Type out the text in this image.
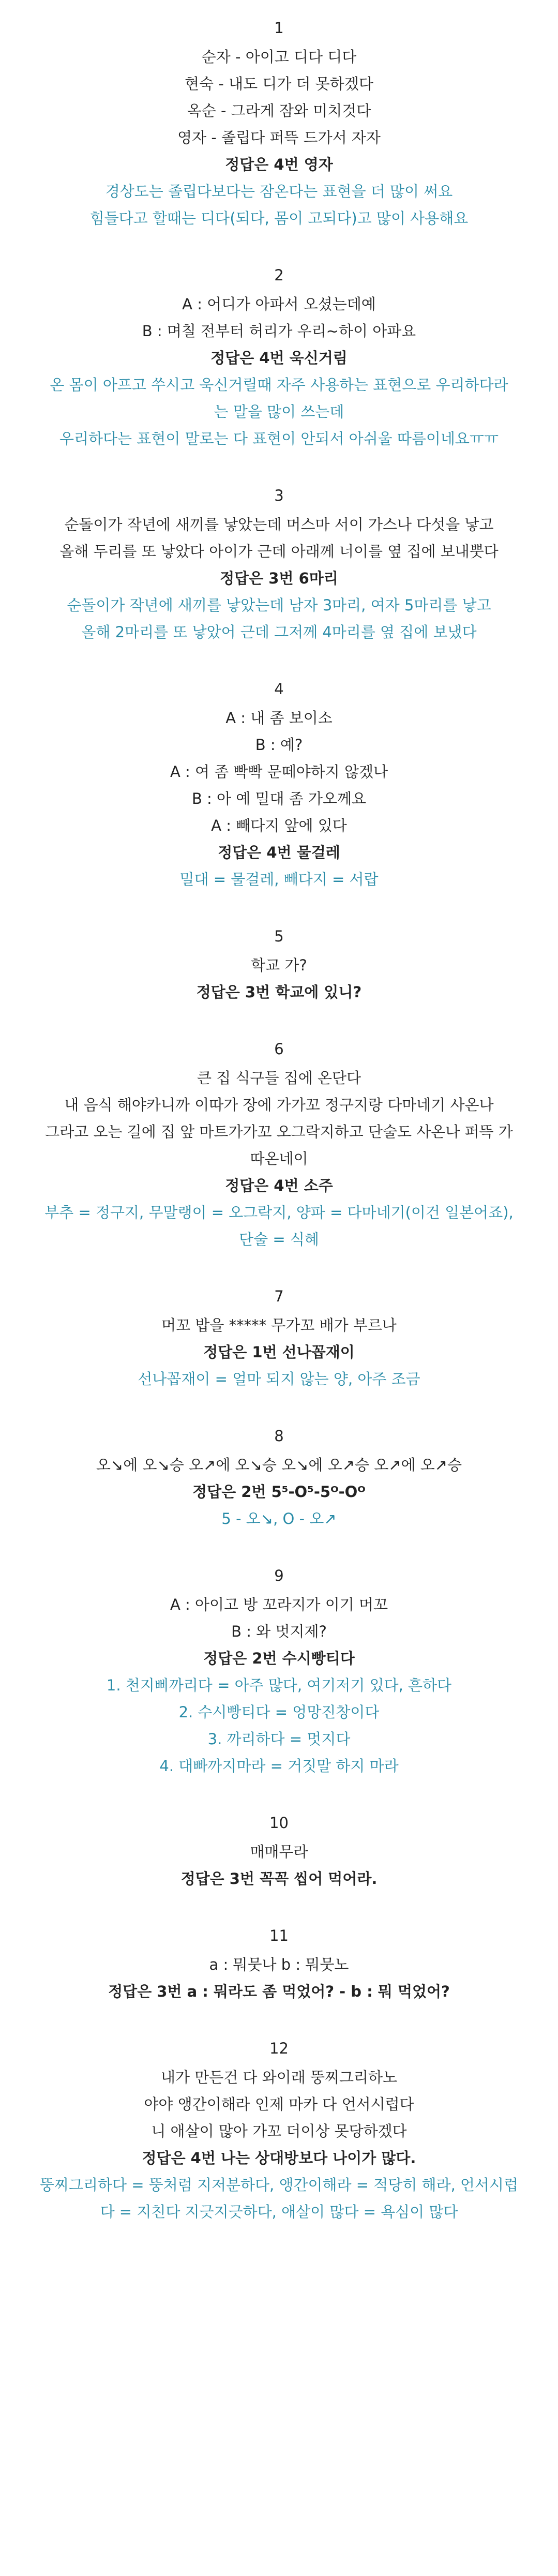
1
순자 - 아이고 디다 디다
현숙 - 내도 디가 더 못하겠다
옥순 - 그라게 잠와 미치것다
영자 - 졸립다 퍼뜩 드가서 자자
정답은 4번 영자
경상도는 졸립다보다는 잠온다는 표현을 더 많이 써요
힘들다고 할때는 디다(되다, 몸이 고되다)고 많이 사용해요
2
A : 어디가 아파서 오셨는데예
B : 며칠 전부터 허리가 우리~하이 아파요
정답은 4번 욱신거림
온 몸이 아프고 쑤시고 욱신거릴때 자주 사용하는 표현으로 우리하다라
는 말을 많이 쓰는데
우리하다는 표현이 말로는 다 표현이 안되서 아쉬울 따름이네요ㅠㅠ
3
순돌이가 작년에 새끼를 낳았는데 머스마 서이 가스나 다섯을 낳고
올해 두리를 또 낳았다 아이가 근데 아래께 너이를 옆 집에 보내뿟다
정답은 3번 6마리
순돌이가 작년에 새끼를 낳았는데 남자 3마리, 여자 5마리를 낳고
올해 2마리를 또 낳았어 근데 그저께 4마리를 옆 집에 보냈다
4
A : 내 좀 보이소
B : 예?
A : 여 좀 빡빡 문떼야하지 않겠나
B : 아 예 밀대 좀 가오께요
A : 빼다지 앞에 있다
정답은 4번 물걸레
밀대 = 물걸레, 빼다지 = 서랍
5
학교 가?
정답은 3번 학교에 있니?
6
큰 집 식구들 집에 온단다
내 음식 해야카니까 이따가 장에 가가꼬 정구지랑 다마네기 사온나
그라고 오는 길에 집 앞 마트가가꼬 오그락지하고 단술도 사온나 퍼뜩 가
따온네이
정답은 4번 소주
부추 = 정구지, 무말랭이 = 오그락지, 양파 = 다마네기(이건 일본어죠),
단술 = 식혜
7
머꼬 밥을 ***** 무가꼬 배가 부르나
정답은 1번 선나꼽재이
선나꼽재이 = 얼마 되지 않는 양, 아주 조금
8
오↘에 오↘승 오↗에 오↘승 오↘에 오↗승 오↗에 오↗승
정답은 2번 5⁵-O⁵-5ᴼ-Oᴼ
5 - 오↘, O - 오↗
9
A : 아이고 방 꼬라지가 이기 머꼬
B : 와 멋지제?
정답은 2번 수시빵티다
1. 천지삐까리다 = 아주 많다, 여기저기 있다, 흔하다
2. 수시빵티다 = 엉망진창이다
3. 까리하다 = 멋지다
4. 대빠까지마라 = 거짓말 하지 마라
10
매매무라
정답은 3번 꼭꼭 씹어 먹어라.
11
a : 뭐뭇나 b : 뭐뭇노
정답은 3번 a : 뭐라도 좀 먹었어? - b : 뭐 먹었어?
12
내가 만든건 다 와이래 뚱찌그리하노
야야 앵간이해라 인제 마카 다 언서시럽다
니 애살이 많아 가꼬 더이상 못당하겠다
정답은 4번 나는 상대방보다 나이가 많다.
뚱찌그리하다 = 뚱처럼 지저분하다, 앵간이해라 = 적당히 해라, 언서시럽
다 = 지친다 지긋지긋하다, 애살이 많다 = 욕심이 많다
